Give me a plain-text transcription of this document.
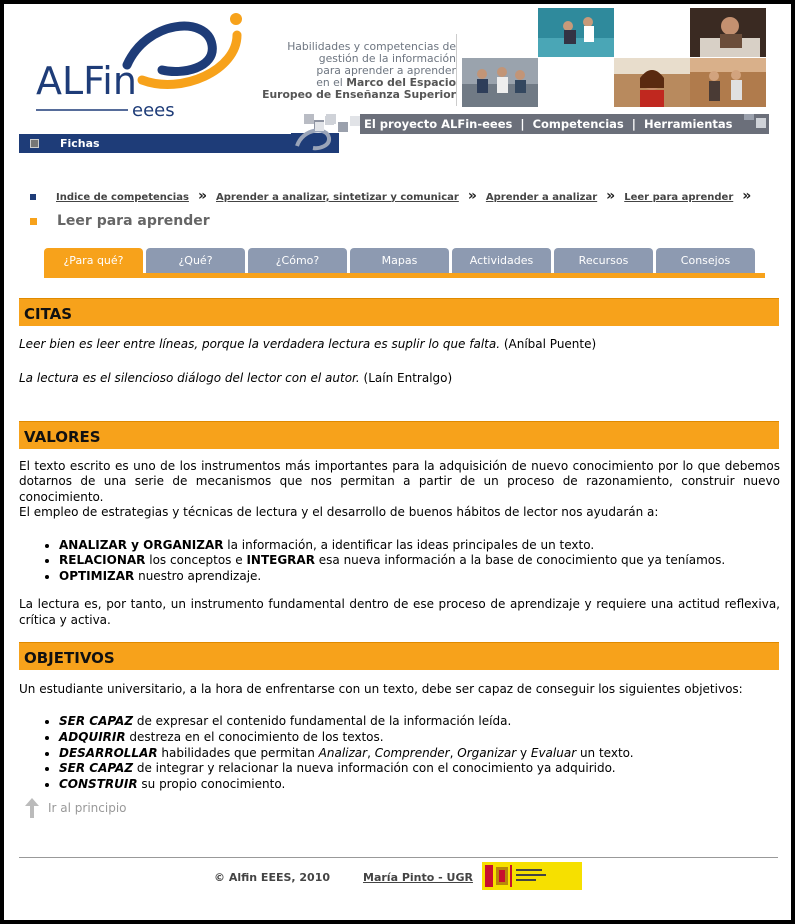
ALFin
eees
Habilidades y competencias de
gestión de la información
para aprender a aprender
en el Marco del Espacio
Europeo de Enseñanza Superior
El proyecto ALFin-eees | Competencias | Herramientas
Fichas
Indice de competencias » Aprender a analizar, sintetizar y comunicar » Aprender a analizar » Leer para aprender »
Leer para aprender
¿Para qué?	¿Qué?	¿Cómo?	Mapas	Actividades	Recursos	Consejos
CITAS

Leer bien es leer entre líneas, porque la verdadera lectura es suplir lo que falta. (Aníbal Puente)

La lectura es el silencioso diálogo del lector con el autor. (Laín Entralgo)

VALORES

El texto escrito es uno de los instrumentos más importantes para la adquisición de nuevo conocimiento por lo que debemos dotarnos de una serie de mecanismos que nos permitan a partir de un proceso de razonamiento, construir nuevo conocimiento.

El empleo de estrategias y técnicas de lectura y el desarrollo de buenos hábitos de lector nos ayudarán a:

• ANALIZAR y ORGANIZAR la información, a identificar las ideas principales de un texto.
• RELACIONAR los conceptos e INTEGRAR esa nueva información a la base de conocimiento que ya teníamos.
• OPTIMIZAR nuestro aprendizaje.

La lectura es, por tanto, un instrumento fundamental dentro de ese proceso de aprendizaje y requiere una actitud reflexiva, crítica y activa.

OBJETIVOS

Un estudiante universitario, a la hora de enfrentarse con un texto, debe ser capaz de conseguir los siguientes objetivos:

• SER CAPAZ de expresar el contenido fundamental de la información leída.
• ADQUIRIR destreza en el conocimiento de los textos.
• DESARROLLAR habilidades que permitan Analizar, Comprender, Organizar y Evaluar un texto.
• SER CAPAZ de integrar y relacionar la nueva información con el conocimiento ya adquirido.
• CONSTRUIR su propio conocimiento.
Ir al principio
© Alfin EEES, 2010	María Pinto - UGR
